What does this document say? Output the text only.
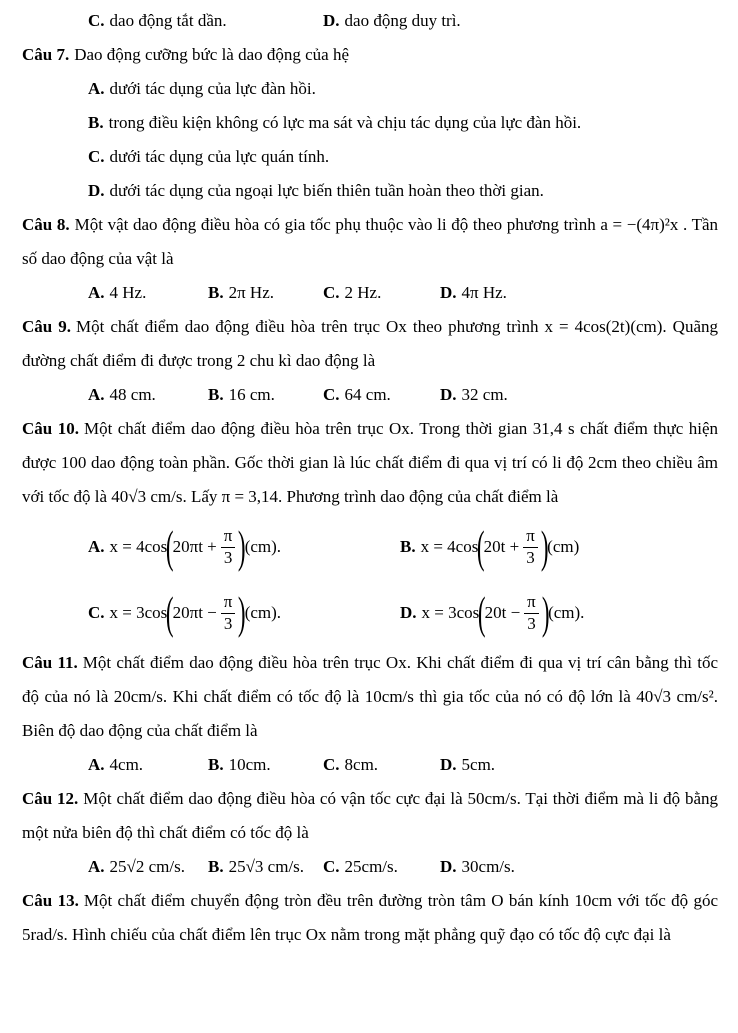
C. dao động tắt dần.	D. dao động duy trì.

Câu 7. Dao động cưỡng bức là dao động của hệ

A. dưới tác dụng của lực đàn hồi.
B. trong điều kiện không có lực ma sát và chịu tác dụng của lực đàn hồi.
C. dưới tác dụng của lực quán tính.
D. dưới tác dụng của ngoại lực biến thiên tuần hoàn theo thời gian.

Câu 8. Một vật dao động điều hòa có gia tốc phụ thuộc vào li độ theo phương trình a = −(4π)²x . Tần số dao động của vật là

A. 4 Hz.	B. 2π Hz.	C. 2 Hz.	D. 4π Hz.

Câu 9. Một chất điểm dao động điều hòa trên trục Ox theo phương trình x = 4cos(2t)(cm). Quãng đường chất điểm đi được trong 2 chu kì dao động là

A. 48 cm.	B. 16 cm.	C. 64 cm.	D. 32 cm.

Câu 10. Một chất điểm dao động điều hòa trên trục Ox. Trong thời gian 31,4 s chất điểm thực hiện được 100 dao động toàn phần. Gốc thời gian là lúc chất điểm đi qua vị trí có li độ 2cm theo chiều âm với tốc độ là 40√3 cm/s. Lấy π = 3,14. Phương trình dao động của chất điểm là

A. x = 4cos
(
$20\pi t + \frac{\pi}{3}$ )
(cm).	B. x = 4cos
(
$20t + \frac{\pi}{3}$ )
(cm)
C. x = 3cos
(
$20\pi t - \frac{\pi}{3}$ )
(cm).	D. x = 3cos
(
$20t - \frac{\pi}{3}$ )
(cm).

Câu 11. Một chất điểm dao động điều hòa trên trục Ox. Khi chất điểm đi qua vị trí cân bằng thì tốc độ của nó là 20cm/s. Khi chất điểm có tốc độ là 10cm/s thì gia tốc của nó có độ lớn là 40√3 cm/s². Biên độ dao động của chất điểm là

A. 4cm.	B. 10cm.	C. 8cm.	D. 5cm.

Câu 12. Một chất điểm dao động điều hòa có vận tốc cực đại là 50cm/s. Tại thời điểm mà li độ bằng một nửa biên độ thì chất điểm có tốc độ là

A. 25√2 cm/s.	B. 25√3 cm/s.	C. 25cm/s.	D. 30cm/s.

Câu 13. Một chất điểm chuyển động tròn đều trên đường tròn tâm O bán kính 10cm với tốc độ góc 5rad/s. Hình chiếu của chất điểm lên trục Ox nằm trong mặt phẳng quỹ đạo có tốc độ cực đại là
